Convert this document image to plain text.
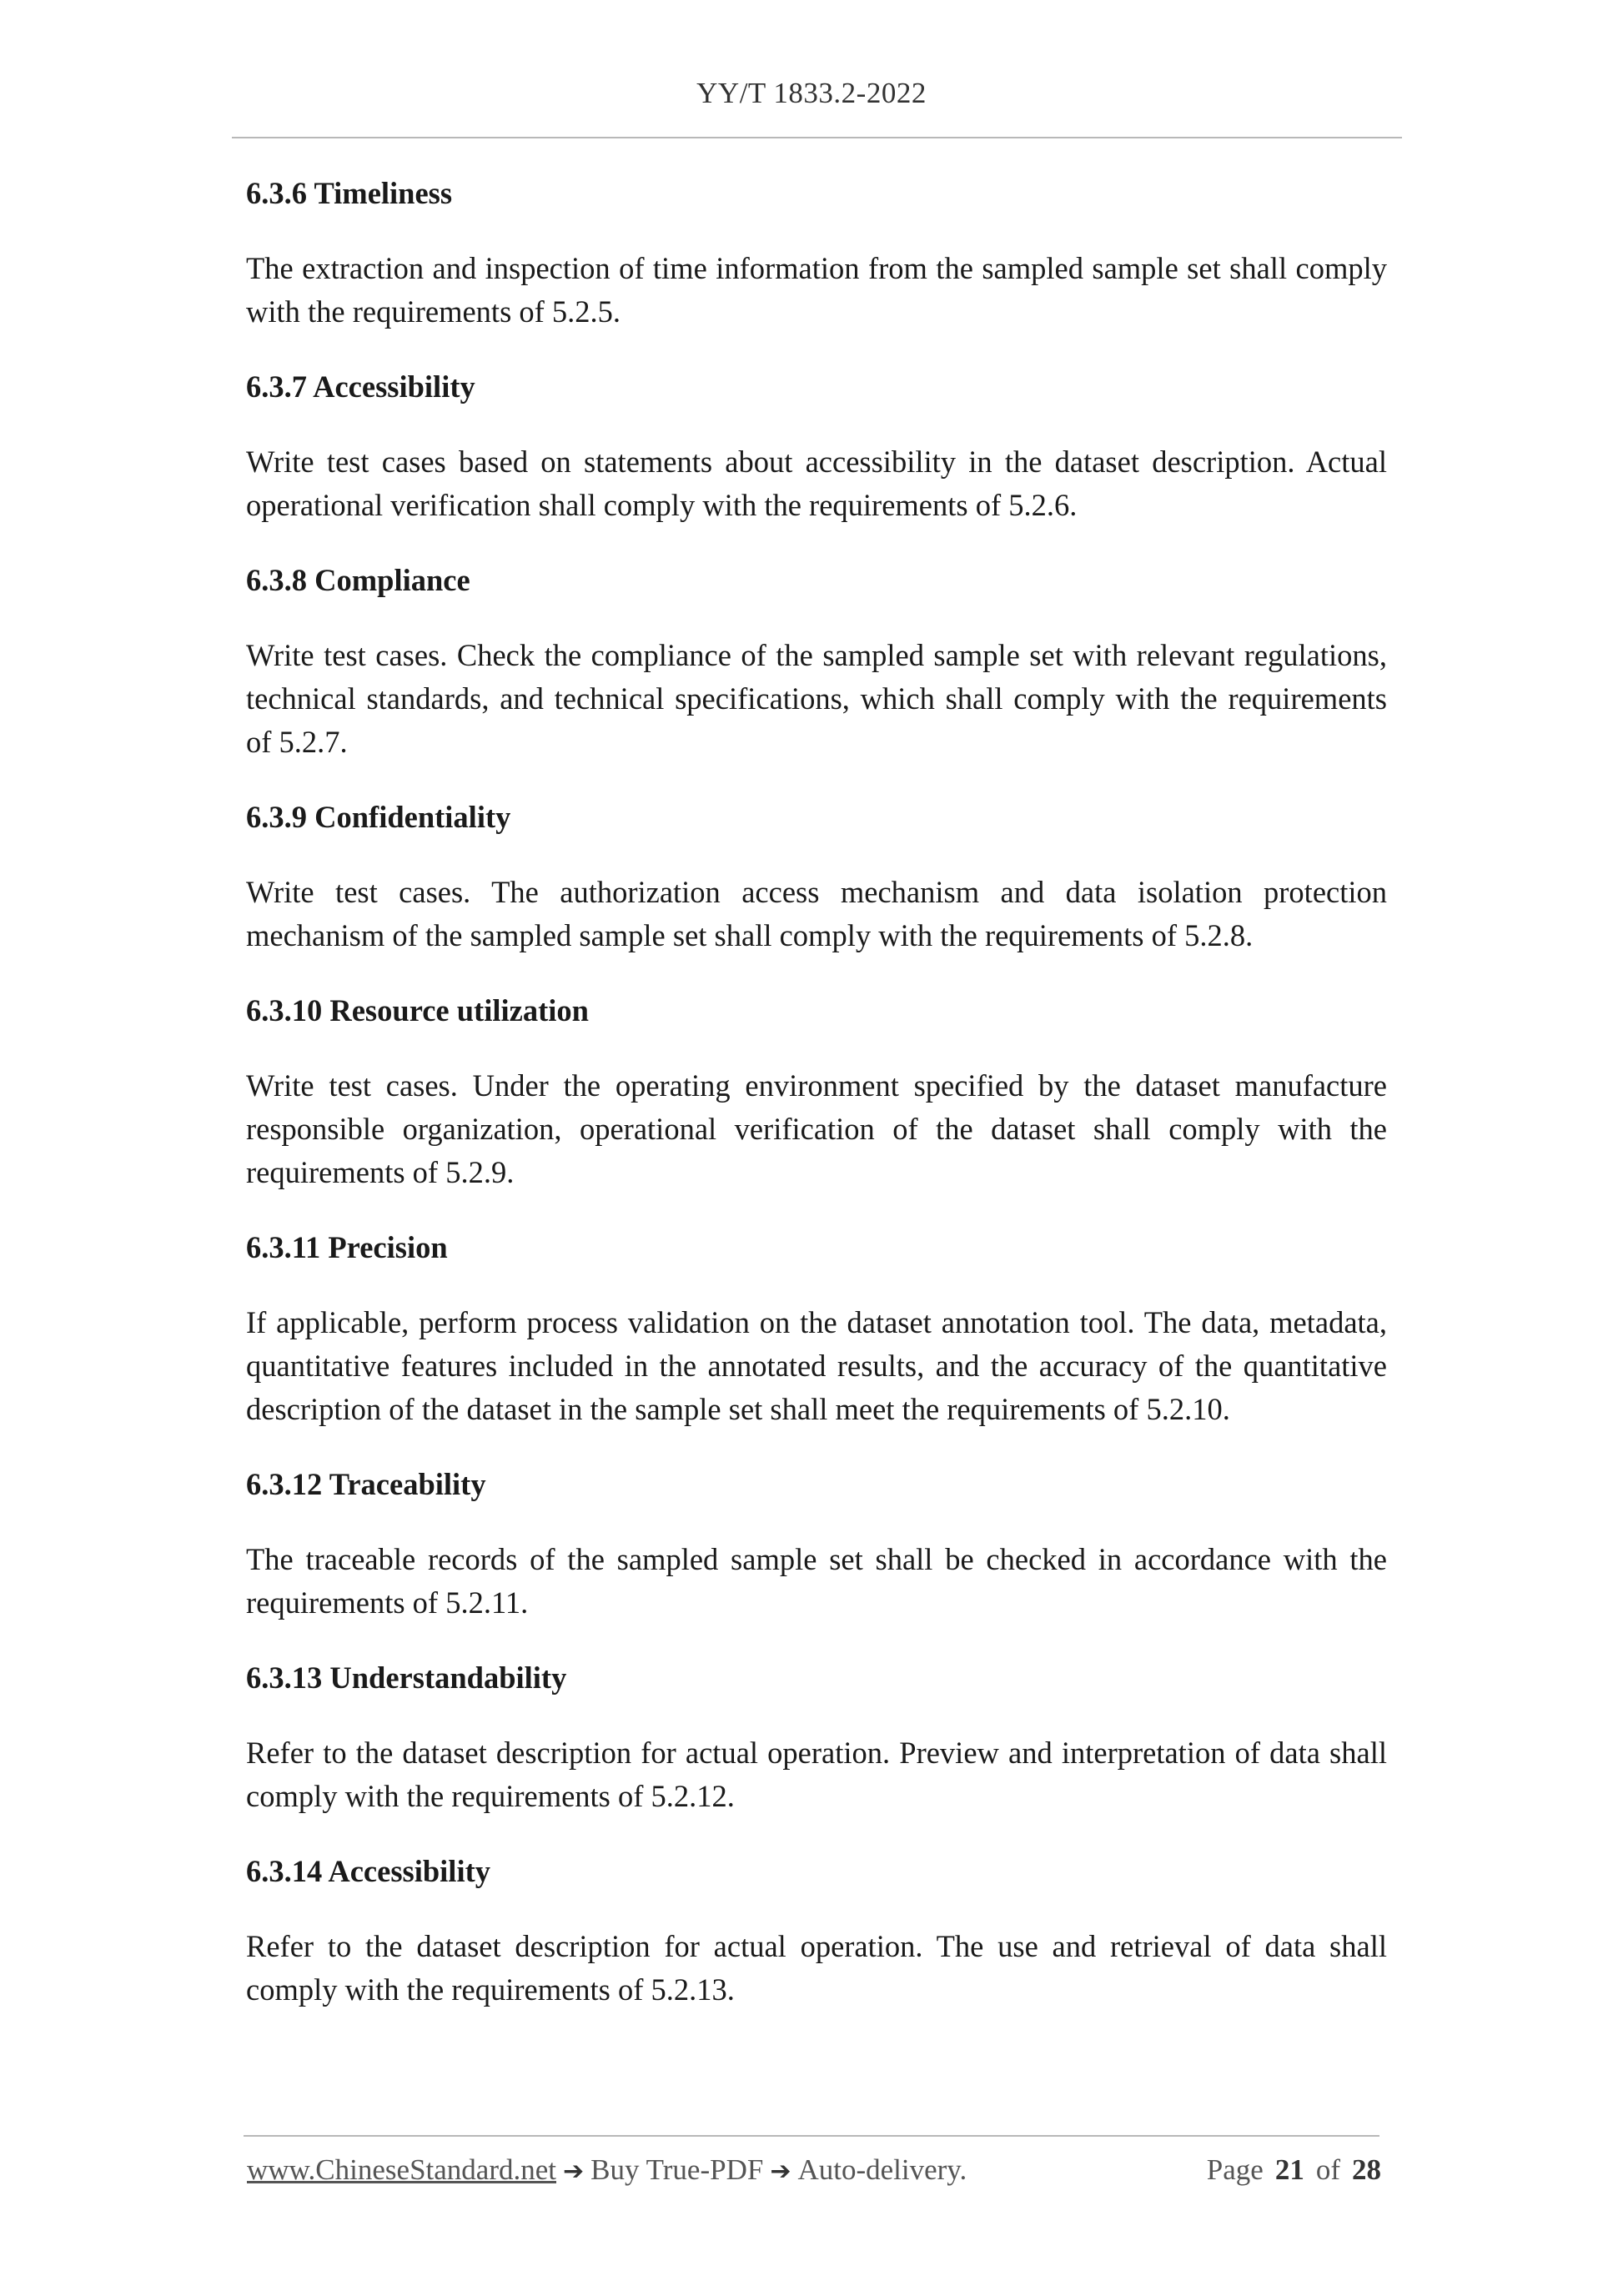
YY/T 1833.2-2022
6.3.6 Timeliness

The extraction and inspection of time information from the sampled sample set shall comply with the requirements of 5.2.5.

6.3.7 Accessibility

Write test cases based on statements about accessibility in the dataset description. Actual operational verification shall comply with the requirements of 5.2.6.

6.3.8 Compliance

Write test cases. Check the compliance of the sampled sample set with relevant regulations, technical standards, and technical specifications, which shall comply with the requirements of 5.2.7.

6.3.9 Confidentiality

Write test cases. The authorization access mechanism and data isolation protection mechanism of the sampled sample set shall comply with the requirements of 5.2.8.

6.3.10 Resource utilization

Write test cases. Under the operating environment specified by the dataset manufacture responsible organization, operational verification of the dataset shall comply with the requirements of 5.2.9.

6.3.11 Precision

If applicable, perform process validation on the dataset annotation tool. The data, metadata, quantitative features included in the annotated results, and the accuracy of the quantitative description of the dataset in the sample set shall meet the requirements of 5.2.10.

6.3.12 Traceability

The traceable records of the sampled sample set shall be checked in accordance with the requirements of 5.2.11.

6.3.13 Understandability

Refer to the dataset description for actual operation. Preview and interpretation of data shall comply with the requirements of 5.2.12.

6.3.14 Accessibility

Refer to the dataset description for actual operation. The use and retrieval of data shall comply with the requirements of 5.2.13.

www.ChineseStandard.net ➔ Buy True-PDF ➔ Auto-delivery.	Page 21 of 28
